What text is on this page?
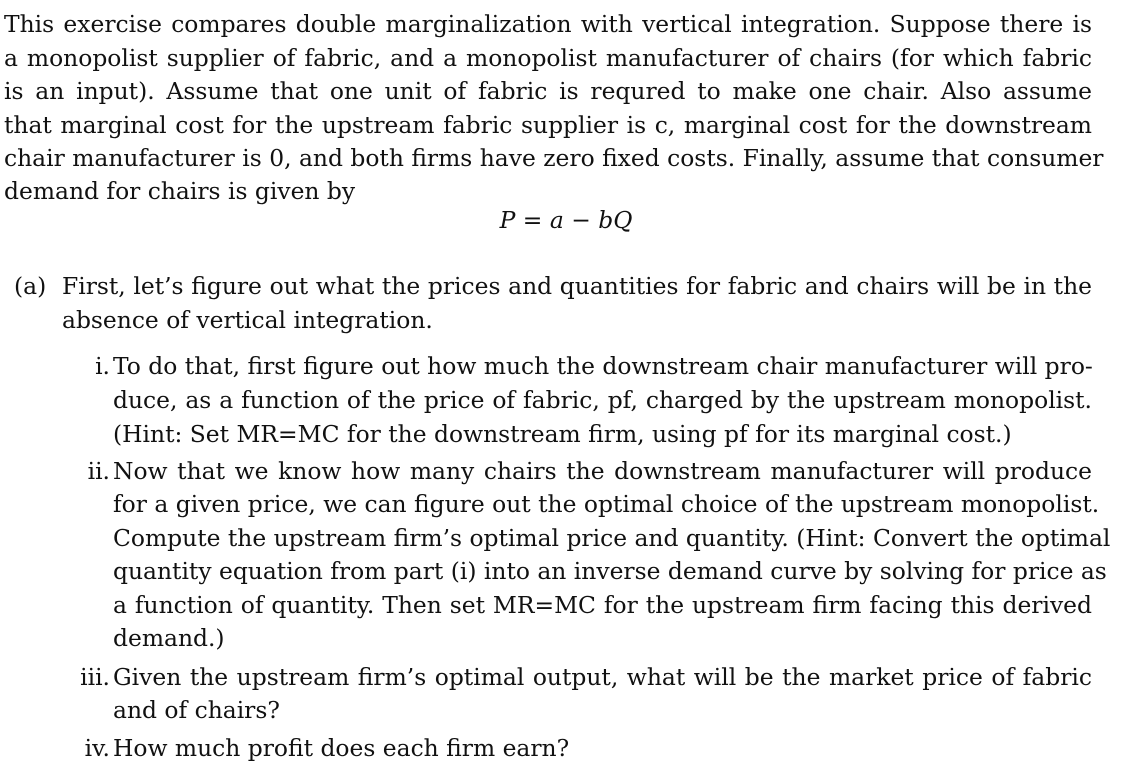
This exercise compares double marginalization with vertical integration. Suppose there is
a monopolist supplier of fabric, and a monopolist manufacturer of chairs (for which fabric
is an input). Assume that one unit of fabric is requred to make one chair. Also assume
that marginal cost for the upstream fabric supplier is c, marginal cost for the downstream
chair manufacturer is 0, and both firms have zero fixed costs. Finally, assume that consumer
demand for chairs is given by
P = a − bQ
(a) First, let’s figure out what the prices and quantities for fabric and chairs will be in the
absence of vertical integration.
i. To do that, first figure out how much the downstream chair manufacturer will pro-
duce, as a function of the price of fabric, pf, charged by the upstream monopolist.
(Hint: Set MR=MC for the downstream firm, using pf for its marginal cost.)
ii. Now that we know how many chairs the downstream manufacturer will produce
for a given price, we can figure out the optimal choice of the upstream monopolist.
Compute the upstream firm’s optimal price and quantity. (Hint: Convert the optimal
quantity equation from part (i) into an inverse demand curve by solving for price as
a function of quantity. Then set MR=MC for the upstream firm facing this derived
demand.)
iii. Given the upstream firm’s optimal output, what will be the market price of fabric
and of chairs?
iv. How much profit does each firm earn?
